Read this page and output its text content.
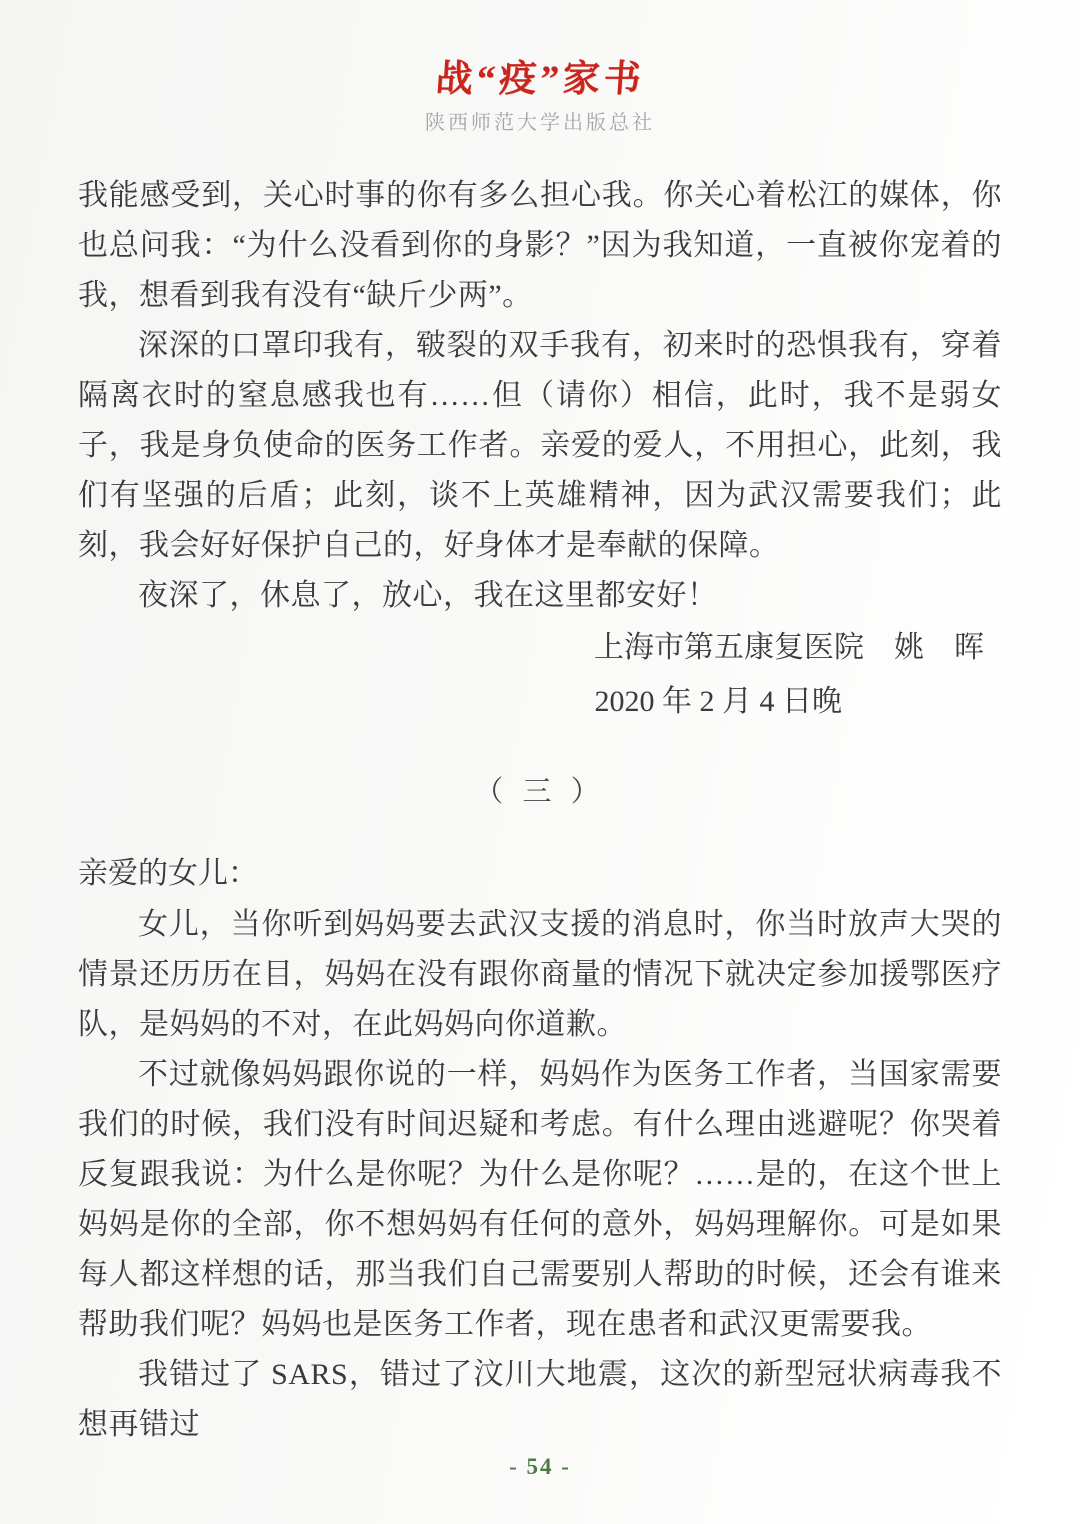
战“疫”家书
陕西师范大学出版总社

我能感受到，关心时事的你有多么担心我。你关心着松江的媒体，你也总问我：“为什么没看到你的身影？”因为我知道，一直被你宠着的我，想看到我有没有“缺斤少两”。

深深的口罩印我有，皲裂的双手我有，初来时的恐惧我有，穿着隔离衣时的窒息感我也有……但（请你）相信，此时，我不是弱女子，我是身负使命的医务工作者。亲爱的爱人，不用担心，此刻，我们有坚强的后盾；此刻，谈不上英雄精神，因为武汉需要我们；此刻，我会好好保护自己的，好身体才是奉献的保障。

夜深了，休息了，放心，我在这里都安好！

上海市第五康复医院　姚　晖

2020 年 2 月 4 日晚

（ 三 ）

亲爱的女儿：

女儿，当你听到妈妈要去武汉支援的消息时，你当时放声大哭的情景还历历在目，妈妈在没有跟你商量的情况下就决定参加援鄂医疗队，是妈妈的不对，在此妈妈向你道歉。

不过就像妈妈跟你说的一样，妈妈作为医务工作者，当国家需要我们的时候，我们没有时间迟疑和考虑。有什么理由逃避呢？你哭着反复跟我说：为什么是你呢？为什么是你呢？……是的，在这个世上妈妈是你的全部，你不想妈妈有任何的意外，妈妈理解你。可是如果每人都这样想的话，那当我们自己需要别人帮助的时候，还会有谁来帮助我们呢？妈妈也是医务工作者，现在患者和武汉更需要我。

我错过了 SARS，错过了汶川大地震，这次的新型冠状病毒我不想再错过

- 54 -
